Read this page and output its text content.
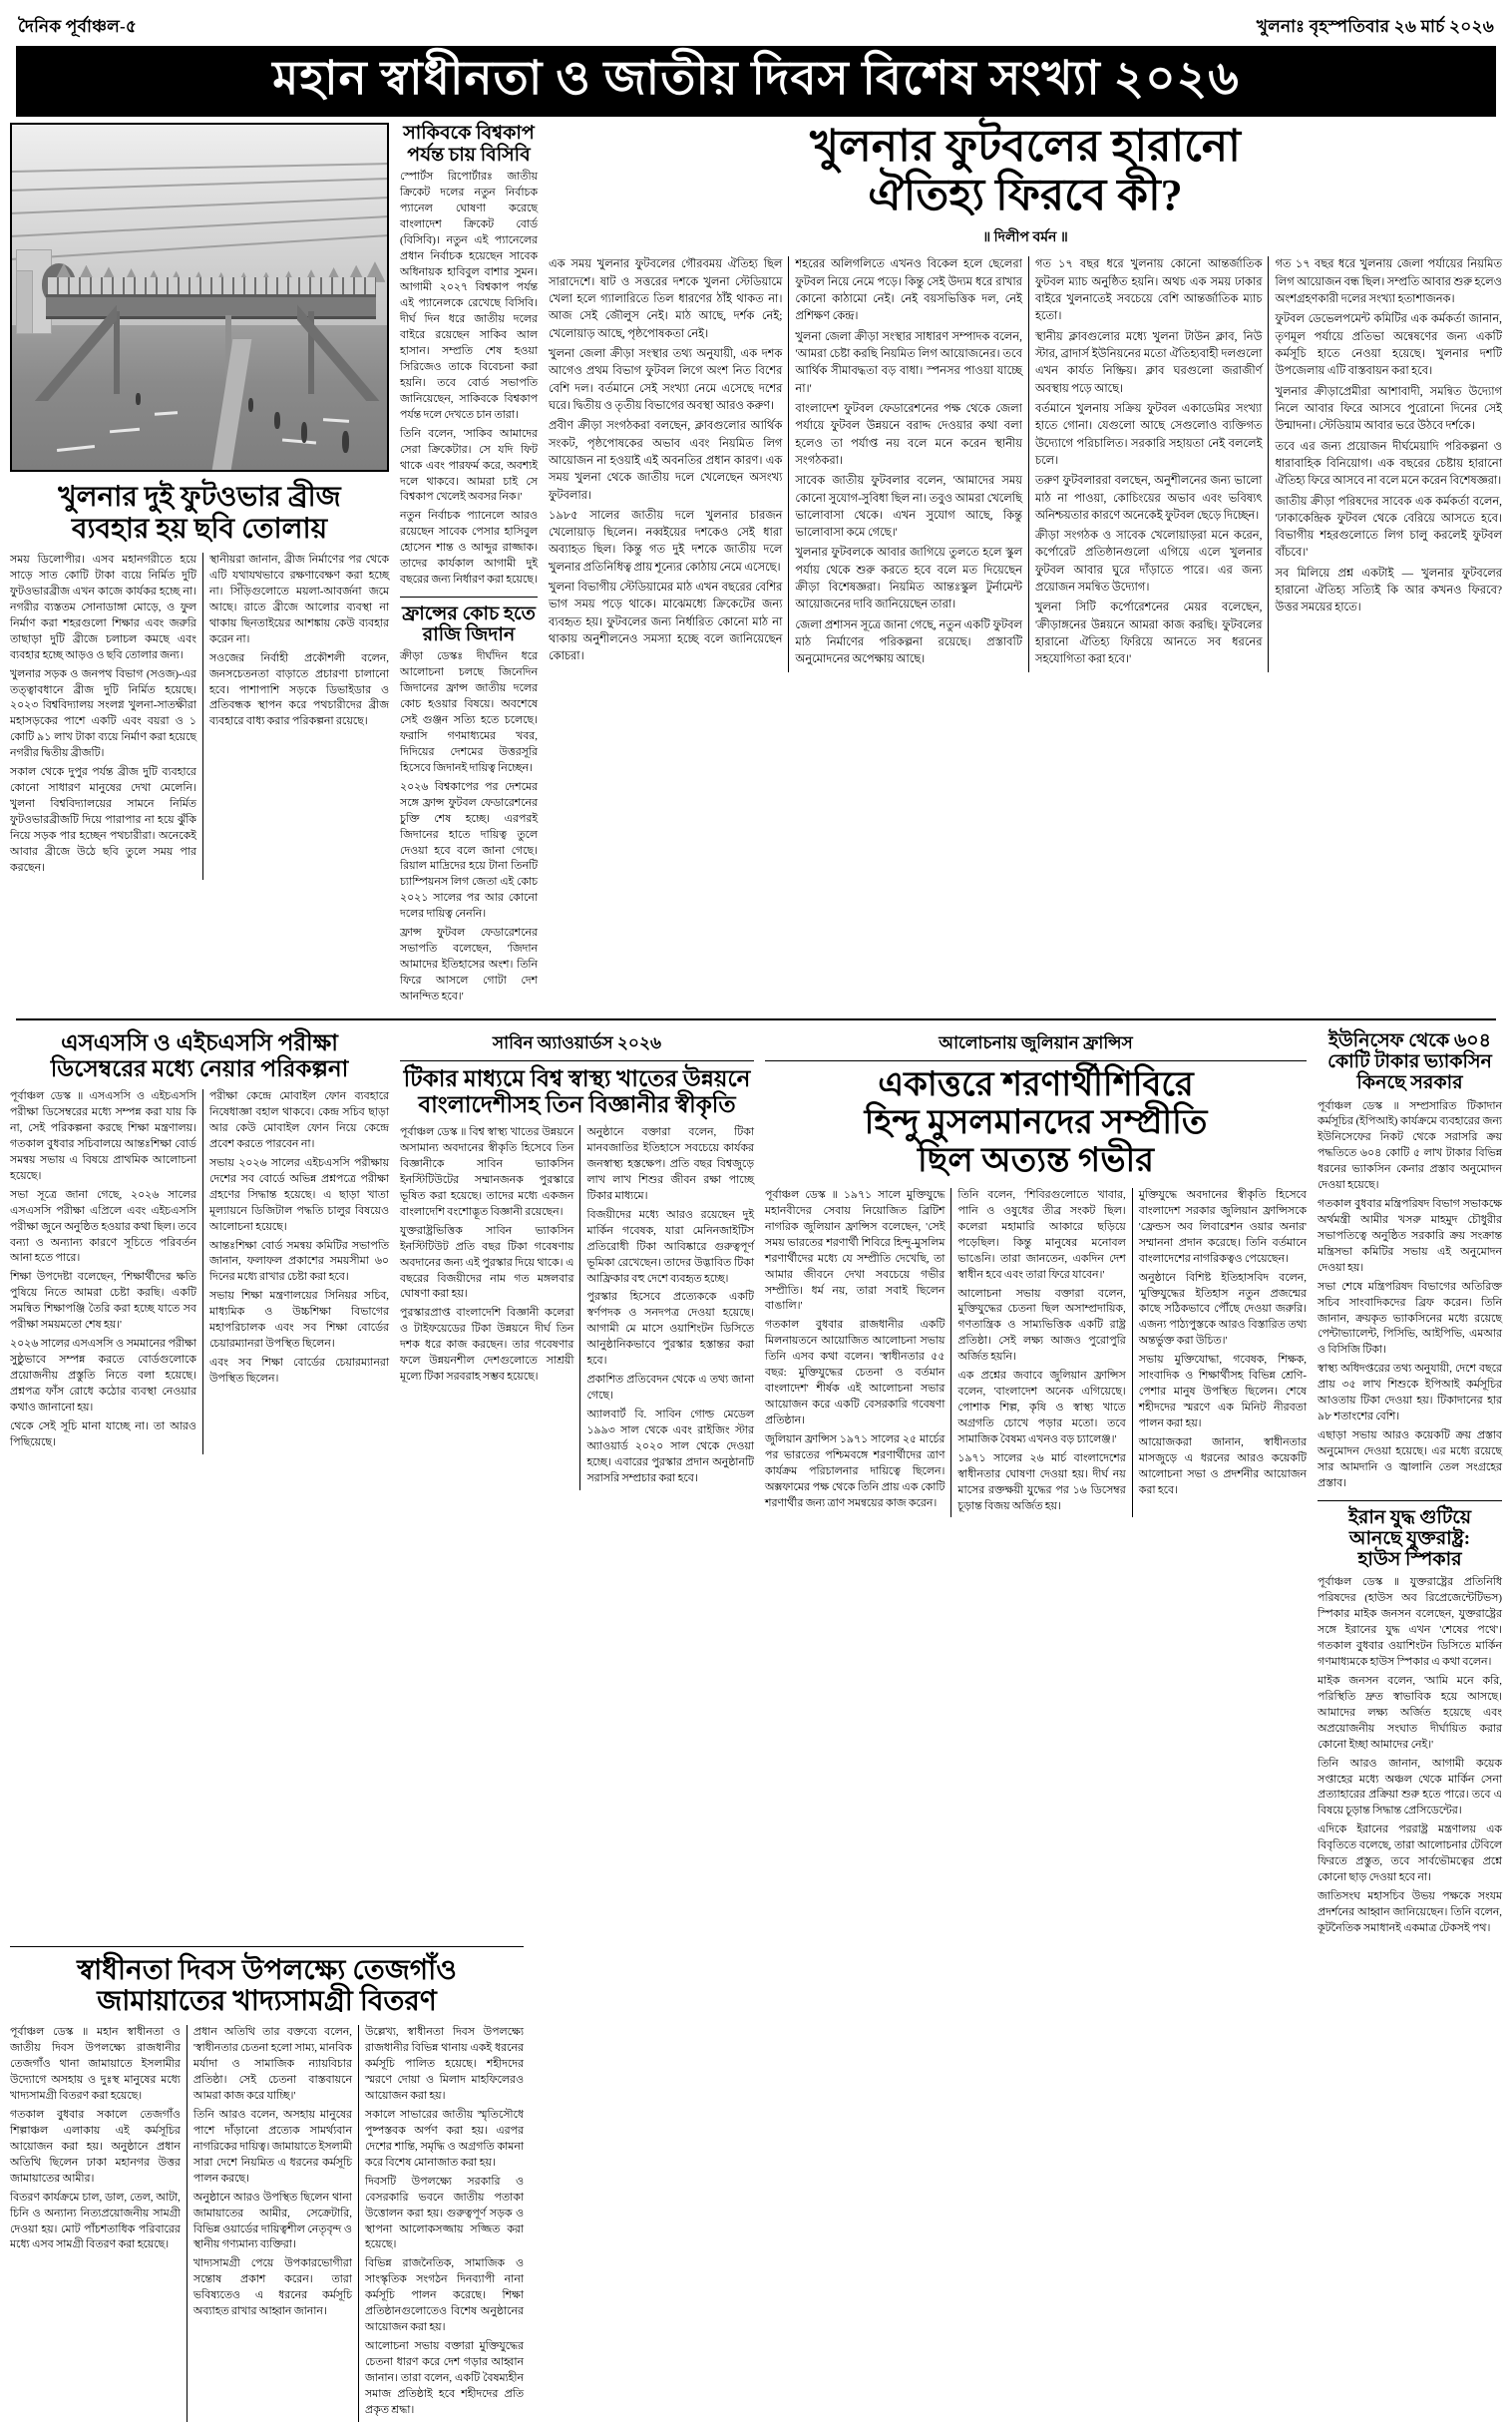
দৈনিক পূর্বাঞ্চল-৫	খুলনাঃ বৃহস্পতিবার ২৬ মার্চ ২০২৬
মহান স্বাধীনতা ও জাতীয় দিবস বিশেষ সংখ্যা ২০২৬
খুলনার দুই ফুটওভার ব্রীজ
ব্যবহার হয় ছবি তোলায়

সময় ডিলোপীর। এসব মহানগরীতে হয়ে সাড়ে সাত কোটি টাকা ব্যয়ে নির্মিত দুটি ফুটওভারব্রীজ এখন কাজে কার্যকর হচ্ছে না। নগরীর ব্যস্ততম সোনাডাঙ্গা মোড়ে, ও ফুল নির্মাণ করা শহরগুলো শিক্ষার এবং জরুরি তাছাড়া দুটি ব্রীজে চলাচল কমছে এবং ব্যবহার হচ্ছে আড়ও ও ছবি তোলার জন্য।

খুলনার সড়ক ও জনপথ বিভাগ (সওজ)-এর তত্ত্বাবধানে ব্রীজ দুটি নির্মিত হয়েছে। ২০২৩ বিশ্ববিদ্যালয় সংলগ্ন খুলনা-সাতক্ষীরা মহাসড়কের পাশে একটি এবং বয়রা ও ১ কোটি ৯১ লাখ টাকা ব্যয়ে নির্মাণ করা হয়েছে নগরীর দ্বিতীয় ব্রীজটি।

সকাল থেকে দুপুর পর্যন্ত ব্রীজ দুটি ব্যবহারে কোনো সাধারণ মানুষের দেখা মেলেনি। খুলনা বিশ্ববিদ্যালয়ের সামনে নির্মিত ফুটওভারব্রীজটি দিয়ে পারাপার না হয়ে ঝুঁকি নিয়ে সড়ক পার হচ্ছেন পথচারীরা। অনেকেই আবার ব্রীজে উঠে ছবি তুলে সময় পার করছেন।

স্থানীয়রা জানান, ব্রীজ নির্মাণের পর থেকে এটি যথাযথভাবে রক্ষণাবেক্ষণ করা হচ্ছে না। সিঁড়িগুলোতে ময়লা-আবর্জনা জমে আছে। রাতে ব্রীজে আলোর ব্যবস্থা না থাকায় ছিনতাইয়ের আশঙ্কায় কেউ ব্যবহার করেন না।

সওজের নির্বাহী প্রকৌশলী বলেন, জনসচেতনতা বাড়াতে প্রচারণা চালানো হবে। পাশাপাশি সড়কে ডিভাইডার ও প্রতিবন্ধক স্থাপন করে পথচারীদের ব্রীজ ব্যবহারে বাধ্য করার পরিকল্পনা রয়েছে।

সাকিবকে বিশ্বকাপ
পর্যন্ত চায় বিসিবি

স্পোর্টস রিপোর্টারঃ জাতীয় ক্রিকেট দলের নতুন নির্বাচক প্যানেল ঘোষণা করেছে বাংলাদেশ ক্রিকেট বোর্ড (বিসিবি)। নতুন এই প্যানেলের প্রধান নির্বাচক হয়েছেন সাবেক অধিনায়ক হাবিবুল বাশার সুমন। আগামী ২০২৭ বিশ্বকাপ পর্যন্ত এই প্যানেলকে রেখেছে বিসিবি। দীর্ঘ দিন ধরে জাতীয় দলের বাইরে রয়েছেন সাকিব আল হাসান। সম্প্রতি শেষ হওয়া সিরিজেও তাকে বিবেচনা করা হয়নি। তবে বোর্ড সভাপতি জানিয়েছেন, সাকিবকে বিশ্বকাপ পর্যন্ত দলে দেখতে চান তারা।

তিনি বলেন, 'সাকিব আমাদের সেরা ক্রিকেটার। সে যদি ফিট থাকে এবং পারফর্ম করে, অবশ্যই দলে থাকবে। আমরা চাই সে বিশ্বকাপ খেলেই অবসর নিক।'

নতুন নির্বাচক প্যানেলে আরও রয়েছেন সাবেক পেসার হাসিবুল হোসেন শান্ত ও আব্দুর রাজ্জাক। তাদের কার্যকাল আগামী দুই বছরের জন্য নির্ধারণ করা হয়েছে।

ফ্রান্সের কোচ হতে
রাজি জিদান

ক্রীড়া ডেস্কঃ দীর্ঘদিন ধরে আলোচনা চলছে জিনেদিন জিদানের ফ্রান্স জাতীয় দলের কোচ হওয়ার বিষয়ে। অবশেষে সেই গুঞ্জন সত্যি হতে চলেছে। ফরাসি গণমাধ্যমের খবর, দিদিয়ের দেশমের উত্তরসূরি হিসেবে জিদানই দায়িত্ব নিচ্ছেন।

২০২৬ বিশ্বকাপের পর দেশমের সঙ্গে ফ্রান্স ফুটবল ফেডারেশনের চুক্তি শেষ হচ্ছে। এরপরই জিদানের হাতে দায়িত্ব তুলে দেওয়া হবে বলে জানা গেছে। রিয়াল মাদ্রিদের হয়ে টানা তিনটি চ্যাম্পিয়নস লিগ জেতা এই কোচ ২০২১ সালের পর আর কোনো দলের দায়িত্ব নেননি।

ফ্রান্স ফুটবল ফেডারেশনের সভাপতি বলেছেন, 'জিদান আমাদের ইতিহাসের অংশ। তিনি ফিরে আসলে গোটা দেশ আনন্দিত হবে।'

খুলনার ফুটবলের হারানো
ঐতিহ্য ফিরবে কী?
॥ দিলীপ বর্মন ॥

এক সময় খুলনার ফুটবলের গৌরবময় ঐতিহ্য ছিল সারাদেশে। ষাট ও সত্তরের দশকে খুলনা স্টেডিয়ামে খেলা হলে গ্যালারিতে তিল ধারণের ঠাঁই থাকত না। আজ সেই জৌলুস নেই। মাঠ আছে, দর্শক নেই; খেলোয়াড় আছে, পৃষ্ঠপোষকতা নেই।

খুলনা জেলা ক্রীড়া সংস্থার তথ্য অনুযায়ী, এক দশক আগেও প্রথম বিভাগ ফুটবল লিগে অংশ নিত বিশের বেশি দল। বর্তমানে সেই সংখ্যা নেমে এসেছে দশের ঘরে। দ্বিতীয় ও তৃতীয় বিভাগের অবস্থা আরও করুণ।

প্রবীণ ক্রীড়া সংগঠকরা বলছেন, ক্লাবগুলোর আর্থিক সংকট, পৃষ্ঠপোষকের অভাব এবং নিয়মিত লিগ আয়োজন না হওয়াই এই অবনতির প্রধান কারণ। এক সময় খুলনা থেকে জাতীয় দলে খেলেছেন অসংখ্য ফুটবলার।

১৯৮৫ সালের জাতীয় দলে খুলনার চারজন খেলোয়াড় ছিলেন। নব্বইয়ের দশকেও সেই ধারা অব্যাহত ছিল। কিন্তু গত দুই দশকে জাতীয় দলে খুলনার প্রতিনিধিত্ব প্রায় শূন্যের কোঠায় নেমে এসেছে।

খুলনা বিভাগীয় স্টেডিয়ামের মাঠ এখন বছরের বেশির ভাগ সময় পড়ে থাকে। মাঝেমধ্যে ক্রিকেটের জন্য ব্যবহৃত হয়। ফুটবলের জন্য নির্ধারিত কোনো মাঠ না থাকায় অনুশীলনেও সমস্যা হচ্ছে বলে জানিয়েছেন কোচরা।

শহরের অলিগলিতে এখনও বিকেল হলে ছেলেরা ফুটবল নিয়ে নেমে পড়ে। কিন্তু সেই উদ্যম ধরে রাখার কোনো কাঠামো নেই। নেই বয়সভিত্তিক দল, নেই প্রশিক্ষণ কেন্দ্র।

খুলনা জেলা ক্রীড়া সংস্থার সাধারণ সম্পাদক বলেন, 'আমরা চেষ্টা করছি নিয়মিত লিগ আয়োজনের। তবে আর্থিক সীমাবদ্ধতা বড় বাধা। স্পনসর পাওয়া যাচ্ছে না।'

বাংলাদেশ ফুটবল ফেডারেশনের পক্ষ থেকে জেলা পর্যায়ে ফুটবল উন্নয়নে বরাদ্দ দেওয়ার কথা বলা হলেও তা পর্যাপ্ত নয় বলে মনে করেন স্থানীয় সংগঠকরা।

সাবেক জাতীয় ফুটবলার বলেন, 'আমাদের সময় কোনো সুযোগ-সুবিধা ছিল না। তবুও আমরা খেলেছি ভালোবাসা থেকে। এখন সুযোগ আছে, কিন্তু ভালোবাসা কমে গেছে।'

খুলনার ফুটবলকে আবার জাগিয়ে তুলতে হলে স্কুল পর্যায় থেকে শুরু করতে হবে বলে মত দিয়েছেন ক্রীড়া বিশেষজ্ঞরা। নিয়মিত আন্তঃস্কুল টুর্নামেন্ট আয়োজনের দাবি জানিয়েছেন তারা।

জেলা প্রশাসন সূত্রে জানা গেছে, নতুন একটি ফুটবল মাঠ নির্মাণের পরিকল্পনা রয়েছে। প্রস্তাবটি অনুমোদনের অপেক্ষায় আছে।

গত ১৭ বছর ধরে খুলনায় কোনো আন্তর্জাতিক ফুটবল ম্যাচ অনুষ্ঠিত হয়নি। অথচ এক সময় ঢাকার বাইরে খুলনাতেই সবচেয়ে বেশি আন্তর্জাতিক ম্যাচ হতো।

স্থানীয় ক্লাবগুলোর মধ্যে খুলনা টাউন ক্লাব, নিউ স্টার, ব্রাদার্স ইউনিয়নের মতো ঐতিহ্যবাহী দলগুলো এখন কার্যত নিষ্ক্রিয়। ক্লাব ঘরগুলো জরাজীর্ণ অবস্থায় পড়ে আছে।

বর্তমানে খুলনায় সক্রিয় ফুটবল একাডেমির সংখ্যা হাতে গোনা। যেগুলো আছে সেগুলোও ব্যক্তিগত উদ্যোগে পরিচালিত। সরকারি সহায়তা নেই বললেই চলে।

তরুণ ফুটবলাররা বলছেন, অনুশীলনের জন্য ভালো মাঠ না পাওয়া, কোচিংয়ের অভাব এবং ভবিষ্যৎ অনিশ্চয়তার কারণে অনেকেই ফুটবল ছেড়ে দিচ্ছেন।

ক্রীড়া সংগঠক ও সাবেক খেলোয়াড়রা মনে করেন, কর্পোরেট প্রতিষ্ঠানগুলো এগিয়ে এলে খুলনার ফুটবল আবার ঘুরে দাঁড়াতে পারে। এর জন্য প্রয়োজন সমন্বিত উদ্যোগ।

খুলনা সিটি কর্পোরেশনের মেয়র বলেছেন, 'ক্রীড়াঙ্গনের উন্নয়নে আমরা কাজ করছি। ফুটবলের হারানো ঐতিহ্য ফিরিয়ে আনতে সব ধরনের সহযোগিতা করা হবে।'

গত ১৭ বছর ধরে খুলনায় জেলা পর্যায়ের নিয়মিত লিগ আয়োজন বন্ধ ছিল। সম্প্রতি আবার শুরু হলেও অংশগ্রহণকারী দলের সংখ্যা হতাশাজনক।

ফুটবল ডেভেলপমেন্ট কমিটির এক কর্মকর্তা জানান, তৃণমূল পর্যায়ে প্রতিভা অন্বেষণের জন্য একটি কর্মসূচি হাতে নেওয়া হয়েছে। খুলনার দশটি উপজেলায় এটি বাস্তবায়ন করা হবে।

খুলনার ক্রীড়াপ্রেমীরা আশাবাদী, সমন্বিত উদ্যোগ নিলে আবার ফিরে আসবে পুরোনো দিনের সেই উন্মাদনা। স্টেডিয়াম আবার ভরে উঠবে দর্শকে।

তবে এর জন্য প্রয়োজন দীর্ঘমেয়াদি পরিকল্পনা ও ধারাবাহিক বিনিয়োগ। এক বছরের চেষ্টায় হারানো ঐতিহ্য ফিরে আসবে না বলে মনে করেন বিশেষজ্ঞরা।

জাতীয় ক্রীড়া পরিষদের সাবেক এক কর্মকর্তা বলেন, 'ঢাকাকেন্দ্রিক ফুটবল থেকে বেরিয়ে আসতে হবে। বিভাগীয় শহরগুলোতে লিগ চালু করলেই ফুটবল বাঁচবে।'

সব মিলিয়ে প্রশ্ন একটাই — খুলনার ফুটবলের হারানো ঐতিহ্য সত্যিই কি আর কখনও ফিরবে? উত্তর সময়ের হাতে।

এসএসসি ও এইচএসসি পরীক্ষা
ডিসেম্বরের মধ্যে নেয়ার পরিকল্পনা

পূর্বাঞ্চল ডেস্ক ॥ এসএসসি ও এইচএসসি পরীক্ষা ডিসেম্বরের মধ্যে সম্পন্ন করা যায় কি না, সেই পরিকল্পনা করছে শিক্ষা মন্ত্রণালয়। গতকাল বুধবার সচিবালয়ে আন্তঃশিক্ষা বোর্ড সমন্বয় সভায় এ বিষয়ে প্রাথমিক আলোচনা হয়েছে।

সভা সূত্রে জানা গেছে, ২০২৬ সালের এসএসসি পরীক্ষা এপ্রিলে এবং এইচএসসি পরীক্ষা জুনে অনুষ্ঠিত হওয়ার কথা ছিল। তবে বন্যা ও অন্যান্য কারণে সূচিতে পরিবর্তন আনা হতে পারে।

শিক্ষা উপদেষ্টা বলেছেন, 'শিক্ষার্থীদের ক্ষতি পুষিয়ে নিতে আমরা চেষ্টা করছি। একটি সমন্বিত শিক্ষাপঞ্জি তৈরি করা হচ্ছে যাতে সব পরীক্ষা সময়মতো শেষ হয়।'

২০২৬ সালের এসএসসি ও সমমানের পরীক্ষা সুষ্ঠুভাবে সম্পন্ন করতে বোর্ডগুলোকে প্রয়োজনীয় প্রস্তুতি নিতে বলা হয়েছে। প্রশ্নপত্র ফাঁস রোধে কঠোর ব্যবস্থা নেওয়ার কথাও জানানো হয়।

থেকে সেই সূচি মানা যাচ্ছে না। তা আরও পিছিয়েছে।

পরীক্ষা কেন্দ্রে মোবাইল ফোন ব্যবহারে নিষেধাজ্ঞা বহাল থাকবে। কেন্দ্র সচিব ছাড়া আর কেউ মোবাইল ফোন নিয়ে কেন্দ্রে প্রবেশ করতে পারবেন না।

সভায় ২০২৬ সালের এইচএসসি পরীক্ষায় দেশের সব বোর্ডে অভিন্ন প্রশ্নপত্রে পরীক্ষা গ্রহণের সিদ্ধান্ত হয়েছে। এ ছাড়া খাতা মূল্যায়নে ডিজিটাল পদ্ধতি চালুর বিষয়েও আলোচনা হয়েছে।

আন্তঃশিক্ষা বোর্ড সমন্বয় কমিটির সভাপতি জানান, ফলাফল প্রকাশের সময়সীমা ৬০ দিনের মধ্যে রাখার চেষ্টা করা হবে।

সভায় শিক্ষা মন্ত্রণালয়ের সিনিয়র সচিব, মাধ্যমিক ও উচ্চশিক্ষা বিভাগের মহাপরিচালক এবং সব শিক্ষা বোর্ডের চেয়ারম্যানরা উপস্থিত ছিলেন।

এবং সব শিক্ষা বোর্ডের চেয়ারম্যানরা উপস্থিত ছিলেন।

সাবিন অ্যাওয়ার্ডস ২০২৬
টিকার মাধ্যমে বিশ্ব স্বাস্থ্য খাতের উন্নয়নে
বাংলাদেশীসহ তিন বিজ্ঞানীর স্বীকৃতি

পূর্বাঞ্চল ডেস্ক ॥ বিশ্ব স্বাস্থ্য খাতের উন্নয়নে অসামান্য অবদানের স্বীকৃতি হিসেবে তিন বিজ্ঞানীকে সাবিন ভ্যাকসিন ইনস্টিটিউটের সম্মানজনক পুরস্কারে ভূষিত করা হয়েছে। তাদের মধ্যে একজন বাংলাদেশি বংশোদ্ভূত বিজ্ঞানী রয়েছেন।

যুক্তরাষ্ট্রভিত্তিক সাবিন ভ্যাকসিন ইনস্টিটিউট প্রতি বছর টিকা গবেষণায় অবদানের জন্য এই পুরস্কার দিয়ে থাকে। এ বছরের বিজয়ীদের নাম গত মঙ্গলবার ঘোষণা করা হয়।

পুরস্কারপ্রাপ্ত বাংলাদেশি বিজ্ঞানী কলেরা ও টাইফয়েডের টিকা উন্নয়নে দীর্ঘ তিন দশক ধরে কাজ করছেন। তার গবেষণার ফলে উন্নয়নশীল দেশগুলোতে সাশ্রয়ী মূল্যে টিকা সরবরাহ সম্ভব হয়েছে।

অনুষ্ঠানে বক্তারা বলেন, টিকা মানবজাতির ইতিহাসে সবচেয়ে কার্যকর জনস্বাস্থ্য হস্তক্ষেপ। প্রতি বছর বিশ্বজুড়ে লাখ লাখ শিশুর জীবন রক্ষা পাচ্ছে টিকার মাধ্যমে।

বিজয়ীদের মধ্যে আরও রয়েছেন দুই মার্কিন গবেষক, যারা মেনিনজাইটিস প্রতিরোধী টিকা আবিষ্কারে গুরুত্বপূর্ণ ভূমিকা রেখেছেন। তাদের উদ্ভাবিত টিকা আফ্রিকার বহু দেশে ব্যবহৃত হচ্ছে।

পুরস্কার হিসেবে প্রত্যেককে একটি স্বর্ণপদক ও সনদপত্র দেওয়া হয়েছে। আগামী মে মাসে ওয়াশিংটন ডিসিতে আনুষ্ঠানিকভাবে পুরস্কার হস্তান্তর করা হবে।

প্রকাশিত প্রতিবেদন থেকে এ তথ্য জানা গেছে।

অ্যালবার্ট বি. সাবিন গোল্ড মেডেল ১৯৯৩ সাল থেকে এবং রাইজিং স্টার অ্যাওয়ার্ড ২০২০ সাল থেকে দেওয়া হচ্ছে। এবারের পুরস্কার প্রদান অনুষ্ঠানটি সরাসরি সম্প্রচার করা হবে।

আলোচনায় জুলিয়ান ফ্রান্সিস
একাত্তরে শরণার্থীশিবিরে
হিন্দু মুসলমানদের সম্প্রীতি
ছিল অত্যন্ত গভীর

পূর্বাঞ্চল ডেস্ক ॥ ১৯৭১ সালে মুক্তিযুদ্ধে মহানবীদের সেবায় নিয়োজিত ব্রিটিশ নাগরিক জুলিয়ান ফ্রান্সিস বলেছেন, 'সেই সময় ভারতের শরণার্থী শিবিরে হিন্দু-মুসলিম শরণার্থীদের মধ্যে যে সম্প্রীতি দেখেছি, তা আমার জীবনে দেখা সবচেয়ে গভীর সম্প্রীতি। ধর্ম নয়, তারা সবাই ছিলেন বাঙালি।'

গতকাল বুধবার রাজধানীর একটি মিলনায়তনে আয়োজিত আলোচনা সভায় তিনি এসব কথা বলেন। 'স্বাধীনতার ৫৫ বছর: মুক্তিযুদ্ধের চেতনা ও বর্তমান বাংলাদেশ' শীর্ষক এই আলোচনা সভার আয়োজন করে একটি বেসরকারি গবেষণা প্রতিষ্ঠান।

জুলিয়ান ফ্রান্সিস ১৯৭১ সালের ২৫ মার্চের পর ভারতের পশ্চিমবঙ্গে শরণার্থীদের ত্রাণ কার্যক্রম পরিচালনার দায়িত্বে ছিলেন। অক্সফামের পক্ষ থেকে তিনি প্রায় এক কোটি শরণার্থীর জন্য ত্রাণ সমন্বয়ের কাজ করেন।

তিনি বলেন, 'শিবিরগুলোতে খাবার, পানি ও ওষুধের তীব্র সংকট ছিল। কলেরা মহামারি আকারে ছড়িয়ে পড়েছিল। কিন্তু মানুষের মনোবল ভাঙেনি। তারা জানতেন, একদিন দেশ স্বাধীন হবে এবং তারা ফিরে যাবেন।'

আলোচনা সভায় বক্তারা বলেন, মুক্তিযুদ্ধের চেতনা ছিল অসাম্প্রদায়িক, গণতান্ত্রিক ও সাম্যভিত্তিক একটি রাষ্ট্র প্রতিষ্ঠা। সেই লক্ষ্য আজও পুরোপুরি অর্জিত হয়নি।

এক প্রশ্নের জবাবে জুলিয়ান ফ্রান্সিস বলেন, 'বাংলাদেশ অনেক এগিয়েছে। পোশাক শিল্প, কৃষি ও স্বাস্থ্য খাতে অগ্রগতি চোখে পড়ার মতো। তবে সামাজিক বৈষম্য এখনও বড় চ্যালেঞ্জ।'

১৯৭১ সালের ২৬ মার্চ বাংলাদেশের স্বাধীনতার ঘোষণা দেওয়া হয়। দীর্ঘ নয় মাসের রক্তক্ষয়ী যুদ্ধের পর ১৬ ডিসেম্বর চূড়ান্ত বিজয় অর্জিত হয়।

মুক্তিযুদ্ধে অবদানের স্বীকৃতি হিসেবে বাংলাদেশ সরকার জুলিয়ান ফ্রান্সিসকে 'ফ্রেন্ডস অব লিবারেশন ওয়ার অনার' সম্মাননা প্রদান করেছে। তিনি বর্তমানে বাংলাদেশের নাগরিকত্বও পেয়েছেন।

অনুষ্ঠানে বিশিষ্ট ইতিহাসবিদ বলেন, 'মুক্তিযুদ্ধের ইতিহাস নতুন প্রজন্মের কাছে সঠিকভাবে পৌঁছে দেওয়া জরুরি। এজন্য পাঠ্যপুস্তকে আরও বিস্তারিত তথ্য অন্তর্ভুক্ত করা উচিত।'

সভায় মুক্তিযোদ্ধা, গবেষক, শিক্ষক, সাংবাদিক ও শিক্ষার্থীসহ বিভিন্ন শ্রেণি-পেশার মানুষ উপস্থিত ছিলেন। শেষে শহীদদের স্মরণে এক মিনিট নীরবতা পালন করা হয়।

আয়োজকরা জানান, স্বাধীনতার মাসজুড়ে এ ধরনের আরও কয়েকটি আলোচনা সভা ও প্রদর্শনীর আয়োজন করা হবে।

ইউনিসেফ থেকে ৬০৪
কোটি টাকার ভ্যাকসিন
কিনছে সরকার

পূর্বাঞ্চল ডেস্ক ॥ সম্প্রসারিত টিকাদান কর্মসূচির (ইপিআই) কার্যক্রমে ব্যবহারের জন্য ইউনিসেফের নিকট থেকে সরাসরি ক্রয় পদ্ধতিতে ৬০৪ কোটি ৫ লাখ টাকার বিভিন্ন ধরনের ভ্যাকসিন কেনার প্রস্তাব অনুমোদন দেওয়া হয়েছে।

গতকাল বুধবার মন্ত্রিপরিষদ বিভাগ সভাকক্ষে অর্থমন্ত্রী আমীর খসরু মাহমুদ চৌধুরীর সভাপতিত্বে অনুষ্ঠিত সরকারি ক্রয় সংক্রান্ত মন্ত্রিসভা কমিটির সভায় এই অনুমোদন দেওয়া হয়।

সভা শেষে মন্ত্রিপরিষদ বিভাগের অতিরিক্ত সচিব সাংবাদিকদের ব্রিফ করেন। তিনি জানান, ক্রয়কৃত ভ্যাকসিনের মধ্যে রয়েছে পেন্টাভ্যালেন্ট, পিসিভি, আইপিভি, এমআর ও বিসিজি টিকা।

স্বাস্থ্য অধিদপ্তরের তথ্য অনুযায়ী, দেশে বছরে প্রায় ৩৫ লাখ শিশুকে ইপিআই কর্মসূচির আওতায় টিকা দেওয়া হয়। টিকাদানের হার ৯৮ শতাংশের বেশি।

এছাড়া সভায় আরও কয়েকটি ক্রয় প্রস্তাব অনুমোদন দেওয়া হয়েছে। এর মধ্যে রয়েছে সার আমদানি ও জ্বালানি তেল সংগ্রহের প্রস্তাব।

ইরান যুদ্ধ গুটিয়ে
আনছে যুক্তরাষ্ট্র:
হাউস স্পিকার

পূর্বাঞ্চল ডেস্ক ॥ যুক্তরাষ্ট্রের প্রতিনিধি পরিষদের (হাউস অব রিপ্রেজেন্টেটিভস) স্পিকার মাইক জনসন বলেছেন, যুক্তরাষ্ট্রের সঙ্গে ইরানের যুদ্ধ এখন 'শেষের পথে'। গতকাল বুধবার ওয়াশিংটন ডিসিতে মার্কিন গণমাধ্যমকে হাউস স্পিকার এ কথা বলেন।

মাইক জনসন বলেন, 'আমি মনে করি, পরিস্থিতি দ্রুত স্বাভাবিক হয়ে আসছে। আমাদের লক্ষ্য অর্জিত হয়েছে এবং অপ্রয়োজনীয় সংঘাত দীর্ঘায়িত করার কোনো ইচ্ছা আমাদের নেই।'

তিনি আরও জানান, আগামী কয়েক সপ্তাহের মধ্যে অঞ্চল থেকে মার্কিন সেনা প্রত্যাহারের প্রক্রিয়া শুরু হতে পারে। তবে এ বিষয়ে চূড়ান্ত সিদ্ধান্ত প্রেসিডেন্টের।

এদিকে ইরানের পররাষ্ট্র মন্ত্রণালয় এক বিবৃতিতে বলেছে, তারা আলোচনার টেবিলে ফিরতে প্রস্তুত, তবে সার্বভৌমত্বের প্রশ্নে কোনো ছাড় দেওয়া হবে না।

জাতিসংঘ মহাসচিব উভয় পক্ষকে সংযম প্রদর্শনের আহ্বান জানিয়েছেন। তিনি বলেন, কূটনৈতিক সমাধানই একমাত্র টেকসই পথ।

স্বাধীনতা দিবস উপলক্ষ্যে তেজগাঁও
জামায়াতের খাদ্যসামগ্রী বিতরণ

পূর্বাঞ্চল ডেস্ক ॥ মহান স্বাধীনতা ও জাতীয় দিবস উপলক্ষ্যে রাজধানীর তেজগাঁও থানা জামায়াতে ইসলামীর উদ্যোগে অসহায় ও দুঃস্থ মানুষের মধ্যে খাদ্যসামগ্রী বিতরণ করা হয়েছে।

গতকাল বুধবার সকালে তেজগাঁও শিল্পাঞ্চল এলাকায় এই কর্মসূচির আয়োজন করা হয়। অনুষ্ঠানে প্রধান অতিথি ছিলেন ঢাকা মহানগর উত্তর জামায়াতের আমীর।

বিতরণ কার্যক্রমে চাল, ডাল, তেল, আটা, চিনি ও অন্যান্য নিত্যপ্রয়োজনীয় সামগ্রী দেওয়া হয়। মোট পাঁচশতাধিক পরিবারের মধ্যে এসব সামগ্রী বিতরণ করা হয়েছে।

প্রধান অতিথি তার বক্তব্যে বলেন, 'স্বাধীনতার চেতনা হলো সাম্য, মানবিক মর্যাদা ও সামাজিক ন্যায়বিচার প্রতিষ্ঠা। সেই চেতনা বাস্তবায়নে আমরা কাজ করে যাচ্ছি।'

তিনি আরও বলেন, অসহায় মানুষের পাশে দাঁড়ানো প্রত্যেক সামর্থ্যবান নাগরিকের দায়িত্ব। জামায়াতে ইসলামী সারা দেশে নিয়মিত এ ধরনের কর্মসূচি পালন করছে।

অনুষ্ঠানে আরও উপস্থিত ছিলেন থানা জামায়াতের আমীর, সেক্রেটারি, বিভিন্ন ওয়ার্ডের দায়িত্বশীল নেতৃবৃন্দ ও স্থানীয় গণ্যমান্য ব্যক্তিরা।

খাদ্যসামগ্রী পেয়ে উপকারভোগীরা সন্তোষ প্রকাশ করেন। তারা ভবিষ্যতেও এ ধরনের কর্মসূচি অব্যাহত রাখার আহ্বান জানান।

উল্লেখ্য, স্বাধীনতা দিবস উপলক্ষ্যে রাজধানীর বিভিন্ন থানায় একই ধরনের কর্মসূচি পালিত হয়েছে। শহীদদের স্মরণে দোয়া ও মিলাদ মাহফিলেরও আয়োজন করা হয়।

সকালে সাভারের জাতীয় স্মৃতিসৌধে পুষ্পস্তবক অর্পণ করা হয়। এরপর দেশের শান্তি, সমৃদ্ধি ও অগ্রগতি কামনা করে বিশেষ মোনাজাত করা হয়।

দিবসটি উপলক্ষ্যে সরকারি ও বেসরকারি ভবনে জাতীয় পতাকা উত্তোলন করা হয়। গুরুত্বপূর্ণ সড়ক ও স্থাপনা আলোকসজ্জায় সজ্জিত করা হয়েছে।

বিভিন্ন রাজনৈতিক, সামাজিক ও সাংস্কৃতিক সংগঠন দিনব্যাপী নানা কর্মসূচি পালন করেছে। শিক্ষা প্রতিষ্ঠানগুলোতেও বিশেষ অনুষ্ঠানের আয়োজন করা হয়।

আলোচনা সভায় বক্তারা মুক্তিযুদ্ধের চেতনা ধারণ করে দেশ গড়ার আহ্বান জানান। তারা বলেন, একটি বৈষম্যহীন সমাজ প্রতিষ্ঠাই হবে শহীদদের প্রতি প্রকৃত শ্রদ্ধা।
